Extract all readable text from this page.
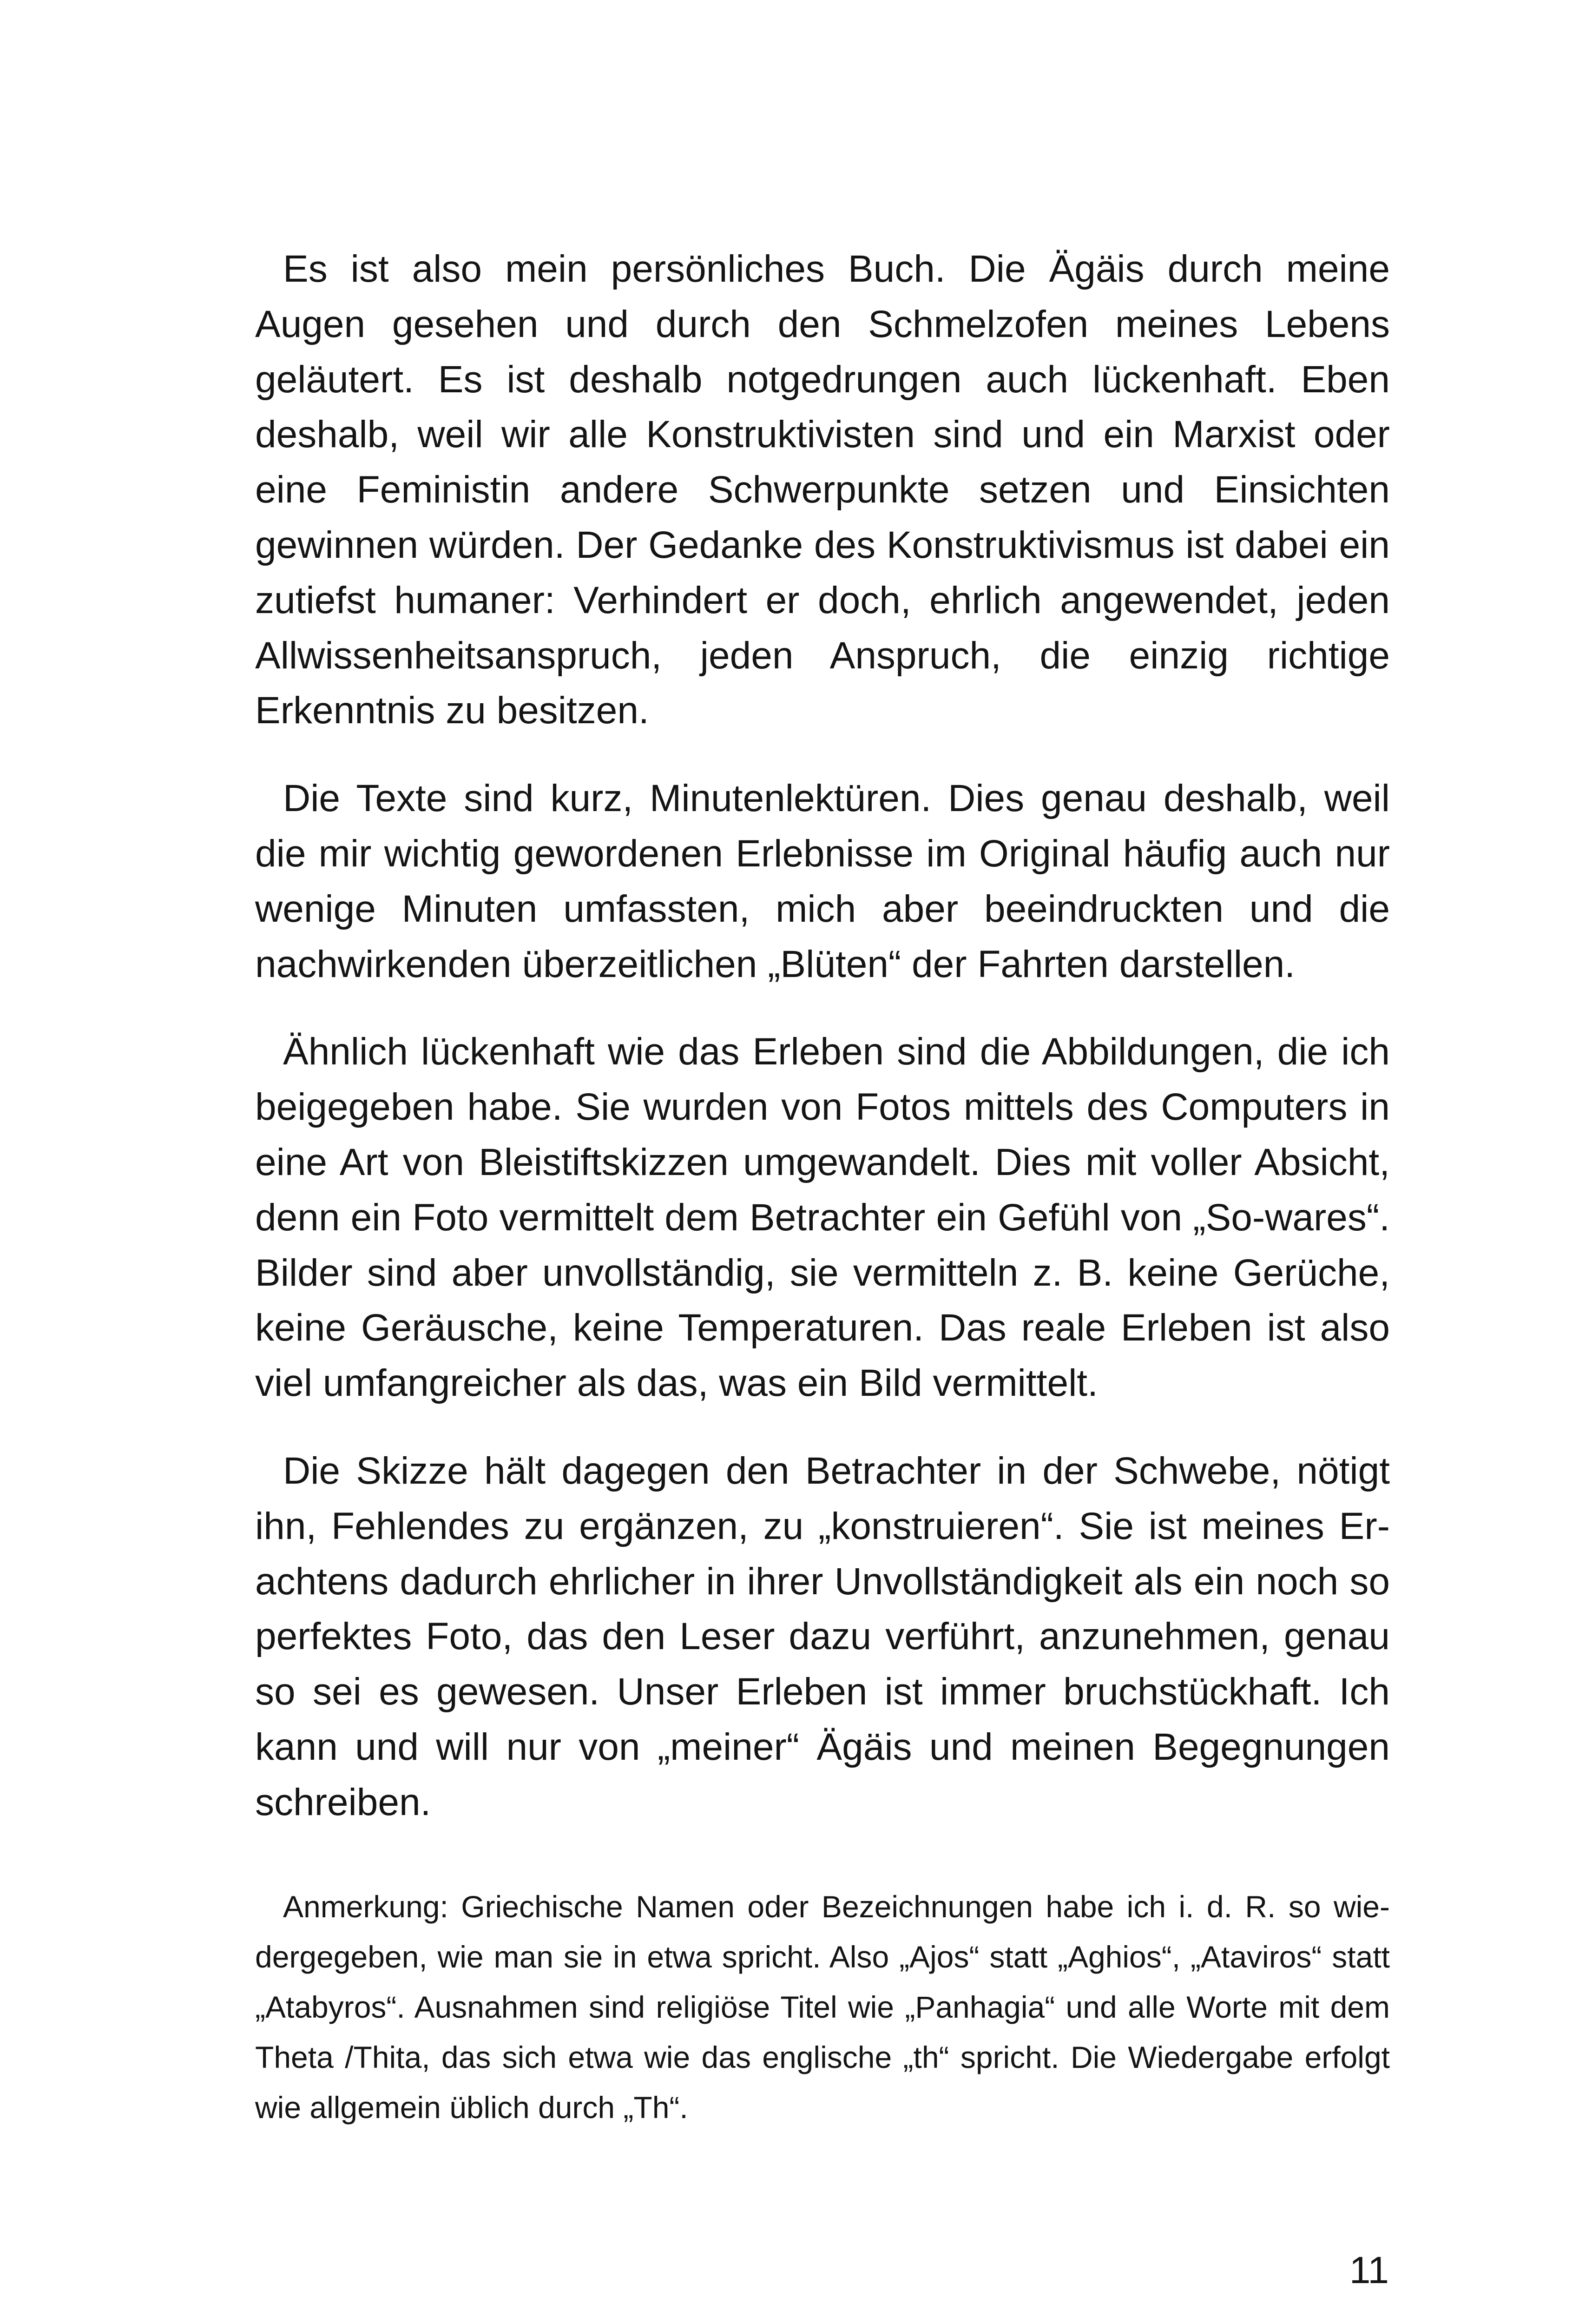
Es ist also mein persönliches Buch. Die Ägäis durch meine Augen gesehen und durch den Schmelzofen meines Lebens geläutert. Es ist deshalb notgedrungen auch lückenhaft. Eben deshalb, weil wir alle Konstruktivisten sind und ein Marxist oder eine Feministin andere Schwerpunkte setzen und Einsichten gewinnen würden. Der Gedanke des Konstruktivismus ist dabei ein zutiefst humaner: Verhindert er doch, ehrlich angewendet, jeden Allwissenheitsanspruch, jeden Anspruch, die einzig richtige Erkenntnis zu besitzen.

Die Texte sind kurz, Minutenlektüren. Dies genau deshalb, weil die mir wichtig gewordenen Erlebnisse im Original häufig auch nur wenige Minuten umfassten, mich aber beeindruckten und die nachwirkenden überzeitlichen „Blüten“ der Fahrten darstellen.

Ähnlich lückenhaft wie das Erleben sind die Abbildungen, die ich beigegeben habe. Sie wurden von Fotos mittels des Computers in eine Art von Bleistiftskizzen umgewandelt. Dies mit voller Absicht, denn ein Foto vermittelt dem Betrachter ein Gefühl von „So-wares“. Bilder sind aber unvollständig, sie vermitteln z. B. keine Gerüche, keine Geräusche, keine Temperaturen. Das reale Erleben ist also viel umfangreicher als das, was ein Bild vermittelt.

Die Skizze hält dagegen den Betrachter in der Schwebe, nötigt ihn, Fehlendes zu ergänzen, zu „konstruieren“. Sie ist meines Erachtens dadurch ehrlicher in ihrer Unvollständigkeit als ein noch so perfektes Foto, das den Leser dazu verführt, anzunehmen, genau so sei es gewesen. Unser Erleben ist immer bruchstückhaft. Ich kann und will nur von „meiner“ Ägäis und meinen Begegnungen schreiben.

Anmerkung: Griechische Namen oder Bezeichnungen habe ich i. d. R. so wiedergegeben, wie man sie in etwa spricht. Also „Ajos“ statt „Aghios“, „Ataviros“ statt „Atabyros“. Ausnahmen sind religiöse Titel wie „Panhagia“ und alle Worte mit dem Theta /Thita, das sich etwa wie das englische „th“ spricht. Die Wiedergabe erfolgt wie allgemein üblich durch „Th“.

11
